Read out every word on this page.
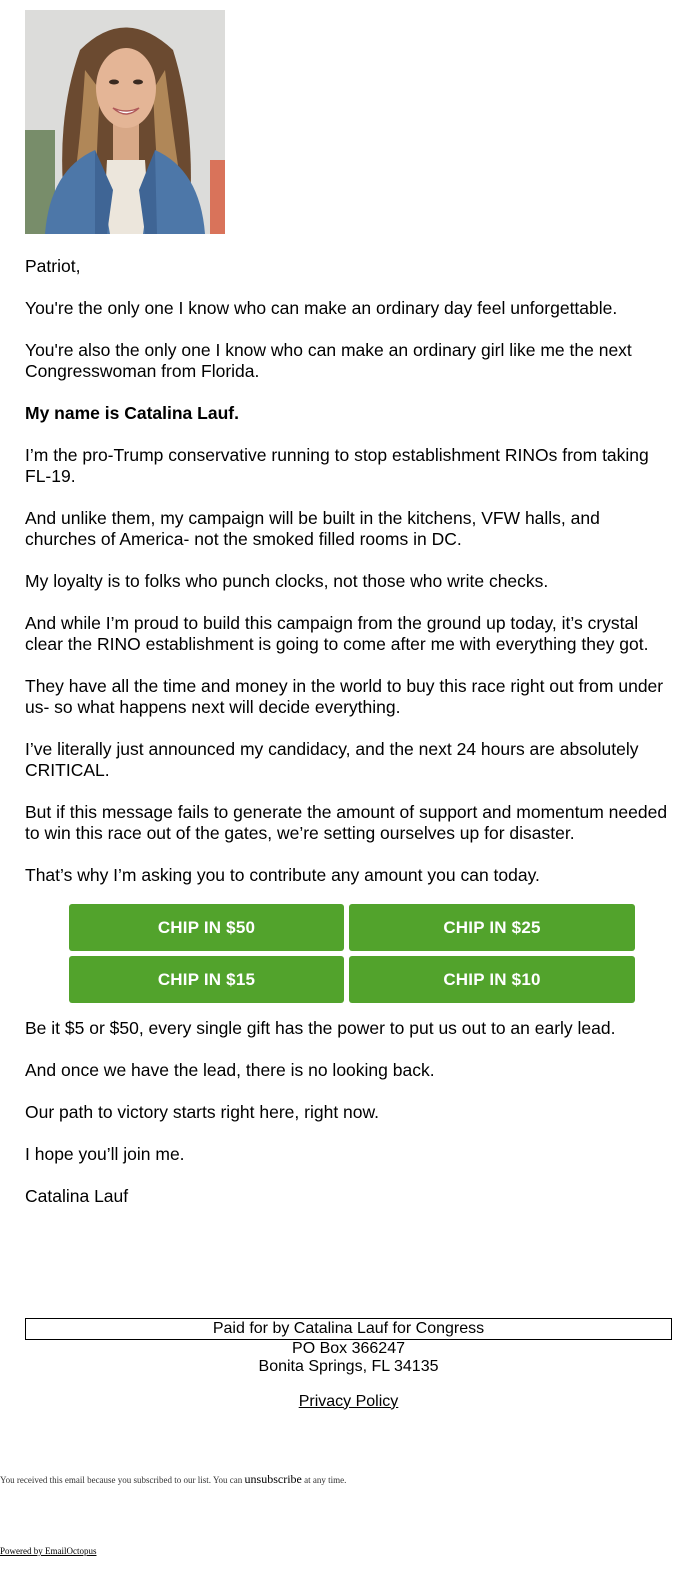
Patriot,

You're the only one I know who can make an ordinary day feel unforgettable.

You're also the only one I know who can make an ordinary girl like me the next Congresswoman from Florida.

My name is Catalina Lauf.

I’m the pro-Trump conservative running to stop establishment RINOs from taking FL-19.

And unlike them, my campaign will be built in the kitchens, VFW halls, and churches of America- not the smoked filled rooms in DC.

My loyalty is to folks who punch clocks, not those who write checks.

And while I’m proud to build this campaign from the ground up today, it’s crystal clear the RINO establishment is going to come after me with everything they got.

They have all the time and money in the world to buy this race right out from under us- so what happens next will decide everything.

I’ve literally just announced my candidacy, and the next 24 hours are absolutely CRITICAL.

But if this message fails to generate the amount of support and momentum needed to win this race out of the gates, we’re setting ourselves up for disaster.

That’s why I’m asking you to contribute any amount you can today.

CHIP IN $50	CHIP IN $25
CHIP IN $15	CHIP IN $10

Be it $5 or $50, every single gift has the power to put us out to an early lead.

And once we have the lead, there is no looking back.

Our path to victory starts right here, right now.

I hope you’ll join me.

Catalina Lauf

Paid for by Catalina Lauf for Congress
PO Box 366247
Bonita Springs, FL 34135
Privacy Policy
You received this email because you subscribed to our list. You can unsubscribe at any time.
Powered by EmailOctopus
